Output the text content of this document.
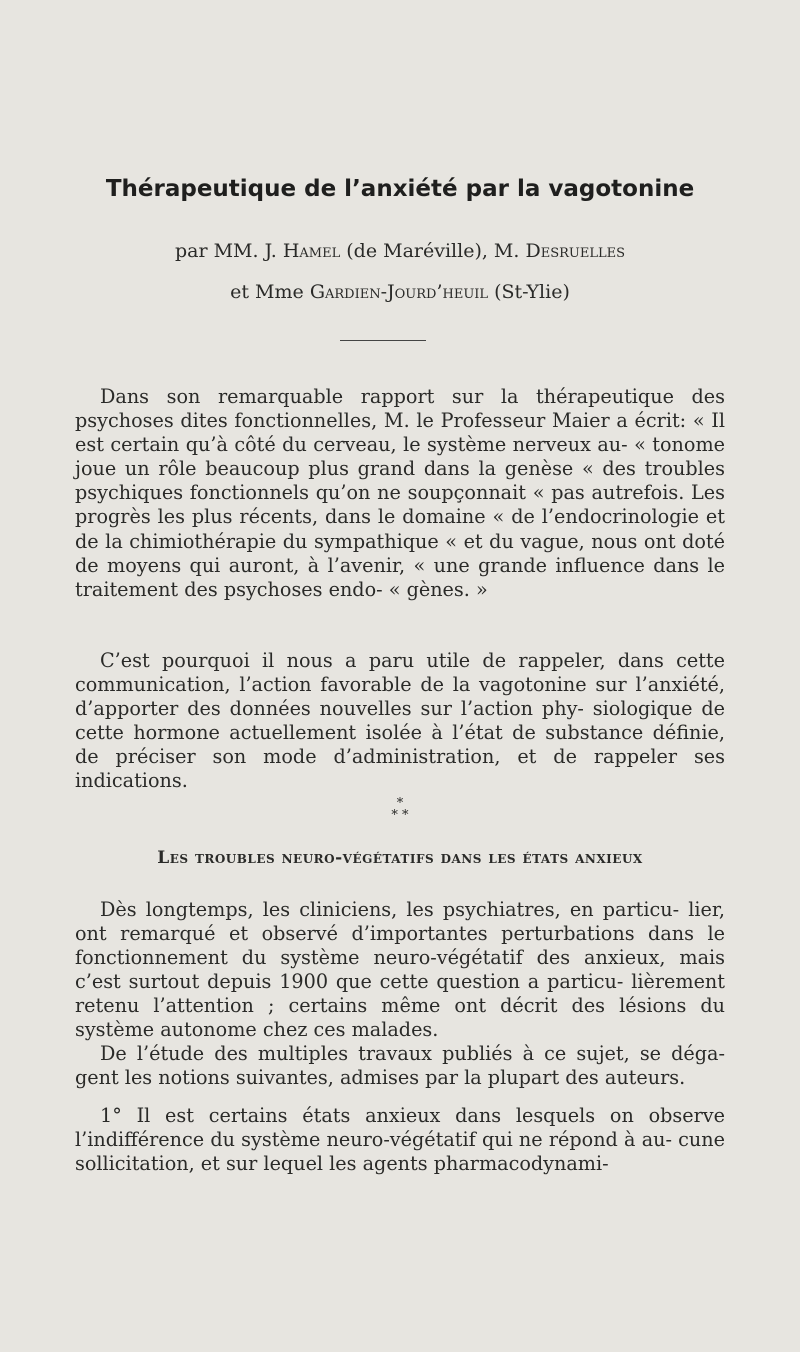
Thérapeutique de l’anxiété par la vagotonine

par MM. J. Hamel (de Maréville), M. Desruelles

et Mme Gardien-Jourd’heuil (St-Ylie)

Dans son remarquable rapport sur la thérapeutique des psychoses dites fonctionnelles, M. le Professeur Maier a écrit: « Il est certain qu’à côté du cerveau, le système nerveux au- « tonome joue un rôle beaucoup plus grand dans la genèse « des troubles psychiques fonctionnels qu’on ne soupçonnait « pas autrefois. Les progrès les plus récents, dans le domaine « de l’endocrinologie et de la chimiothérapie du sympathique « et du vague, nous ont doté de moyens qui auront, à l’avenir, « une grande influence dans le traitement des psychoses endo- « gènes. »

C’est pourquoi il nous a paru utile de rappeler, dans cette communication, l’action favorable de la vagotonine sur l’anxiété, d’apporter des données nouvelles sur l’action phy- siologique de cette hormone actuellement isolée à l’état de substance définie, de préciser son mode d’administration, et de rappeler ses indications.

*
* *
Les troubles neuro-végétatifs dans les états anxieux

Dès longtemps, les cliniciens, les psychiatres, en particu- lier, ont remarqué et observé d’importantes perturbations dans le fonctionnement du système neuro-végétatif des anxieux, mais c’est surtout depuis 1900 que cette question a particu- lièrement retenu l’attention ; certains même ont décrit des lésions du système autonome chez ces malades.

De l’étude des multiples travaux publiés à ce sujet, se déga- gent les notions suivantes, admises par la plupart des auteurs.

1° Il est certains états anxieux dans lesquels on observe l’indifférence du système neuro-végétatif qui ne répond à au- cune sollicitation, et sur lequel les agents pharmacodynami-
